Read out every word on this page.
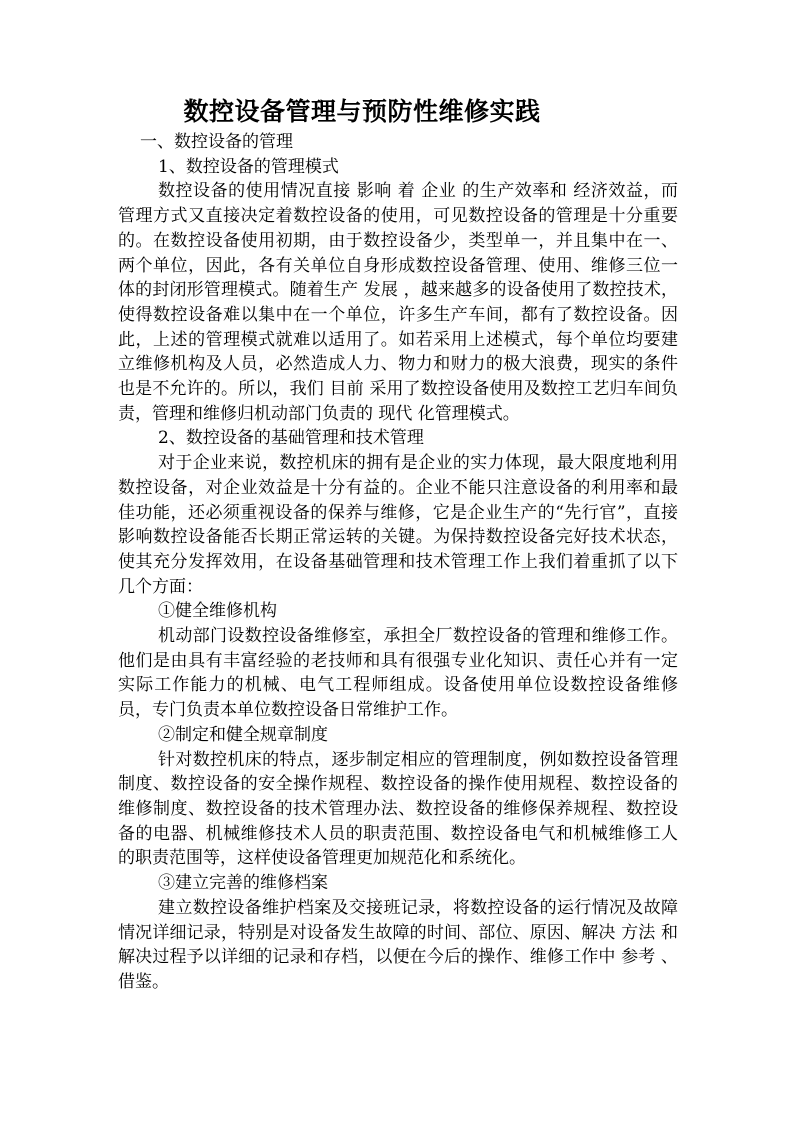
数控设备管理与预防性维修实践

一、数控设备的管理

1、数控设备的管理模式

数控设备的使用情况直接 影响 着 企业 的生产效率和 经济效益，而管理方式又直接决定着数控设备的使用，可见数控设备的管理是十分重要的。在数控设备使用初期，由于数控设备少，类型单一，并且集中在一、两个单位，因此，各有关单位自身形成数控设备管理、使用、维修三位一体的封闭形管理模式。随着生产 发展 ，越来越多的设备使用了数控技术，使得数控设备难以集中在一个单位，许多生产车间，都有了数控设备。因此，上述的管理模式就难以适用了。如若采用上述模式，每个单位均要建立维修机构及人员，必然造成人力、物力和财力的极大浪费，现实的条件也是不允许的。所以，我们 目前 采用了数控设备使用及数控工艺归车间负责，管理和维修归机动部门负责的 现代 化管理模式。

2、数控设备的基础管理和技术管理

对于企业来说，数控机床的拥有是企业的实力体现，最大限度地利用数控设备，对企业效益是十分有益的。企业不能只注意设备的利用率和最佳功能，还必须重视设备的保养与维修，它是企业生产的“先行官”，直接影响数控设备能否长期正常运转的关键。为保持数控设备完好技术状态，使其充分发挥效用，在设备基础管理和技术管理工作上我们着重抓了以下几个方面：

①健全维修机构

机动部门设数控设备维修室，承担全厂数控设备的管理和维修工作。他们是由具有丰富经验的老技师和具有很强专业化知识、责任心并有一定实际工作能力的机械、电气工程师组成。设备使用单位设数控设备维修员，专门负责本单位数控设备日常维护工作。

②制定和健全规章制度

针对数控机床的特点，逐步制定相应的管理制度，例如数控设备管理制度、数控设备的安全操作规程、数控设备的操作使用规程、数控设备的维修制度、数控设备的技术管理办法、数控设备的维修保养规程、数控设备的电器、机械维修技术人员的职责范围、数控设备电气和机械维修工人的职责范围等，这样使设备管理更加规范化和系统化。

③建立完善的维修档案

建立数控设备维护档案及交接班记录，将数控设备的运行情况及故障情况详细记录，特别是对设备发生故障的时间、部位、原因、解决 方法 和解决过程予以详细的记录和存档，以便在今后的操作、维修工作中 参考 、借鉴。
